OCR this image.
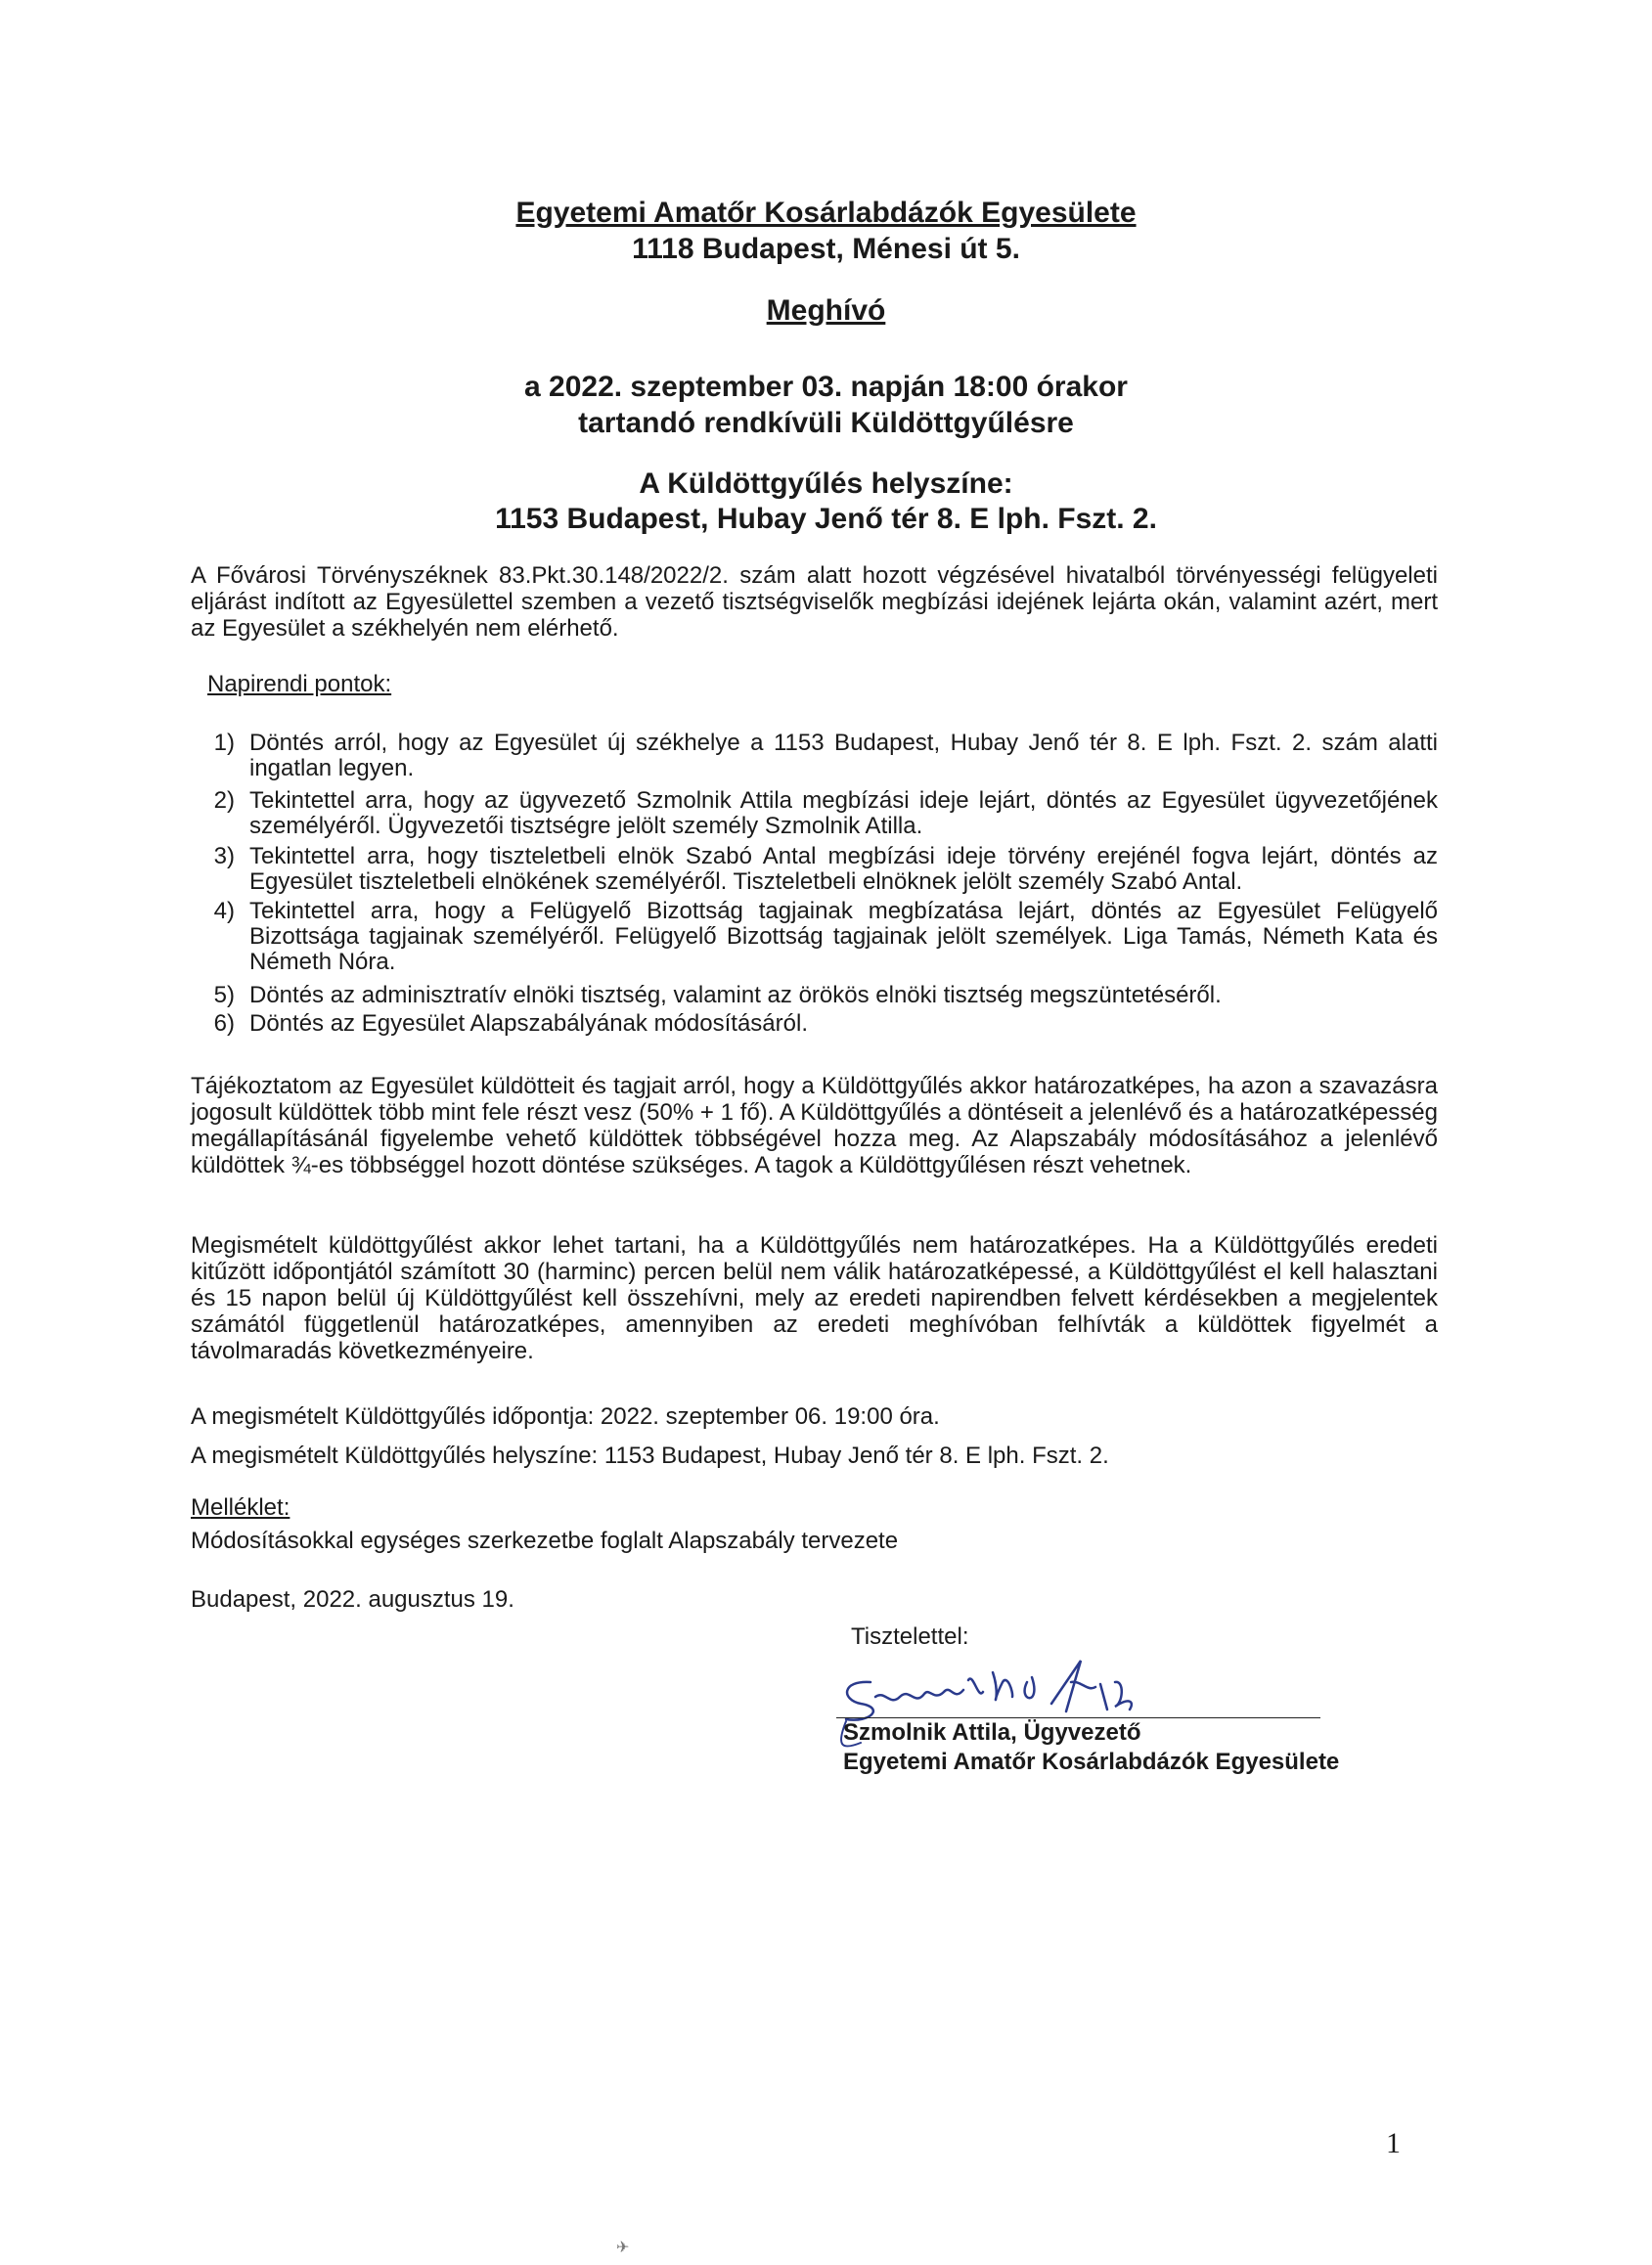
Egyetemi Amatőr Kosárlabdázók Egyesülete
1118 Budapest, Ménesi út 5.
Meghívó
a 2022. szeptember 03. napján 18:00 órakor
tartandó rendkívüli Küldöttgyűlésre
A Küldöttgyűlés helyszíne:
1153 Budapest, Hubay Jenő tér 8. E lph. Fszt. 2.
A Fővárosi Törvényszéknek 83.Pkt.30.148/2022/2. szám alatt hozott végzésével hivatalból törvényességi felügyeleti eljárást indított az Egyesülettel szemben a vezető tisztségviselők megbízási idejének lejárta okán, valamint azért, mert az Egyesület a székhelyén nem elérhető.
Napirendi pontok:
1) Döntés arról, hogy az Egyesület új székhelye a 1153 Budapest, Hubay Jenő tér 8. E lph. Fszt. 2. szám alatti ingatlan legyen.
2) Tekintettel arra, hogy az ügyvezető Szmolnik Attila megbízási ideje lejárt, döntés az Egyesület ügyvezetőjének személyéről. Ügyvezetői tisztségre jelölt személy Szmolnik Atilla.
3) Tekintettel arra, hogy tiszteletbeli elnök Szabó Antal megbízási ideje törvény erejénél fogva lejárt, döntés az Egyesület tiszteletbeli elnökének személyéről. Tiszteletbeli elnöknek jelölt személy Szabó Antal.
4) Tekintettel arra, hogy a Felügyelő Bizottság tagjainak megbízatása lejárt, döntés az Egyesület Felügyelő Bizottsága tagjainak személyéről. Felügyelő Bizottság tagjainak jelölt személyek. Liga Tamás, Németh Kata és Németh Nóra.
5) Döntés az adminisztratív elnöki tisztség, valamint az örökös elnöki tisztség megszüntetéséről.
6) Döntés az Egyesület Alapszabályának módosításáról.
Tájékoztatom az Egyesület küldötteit és tagjait arról, hogy a Küldöttgyűlés akkor határozatképes, ha azon a szavazásra jogosult küldöttek több mint fele részt vesz (50% + 1 fő). A Küldöttgyűlés a döntéseit a jelenlévő és a határozatképesség megállapításánál figyelembe vehető küldöttek többségével hozza meg. Az Alapszabály módosításához a jelenlévő küldöttek ¾-es többséggel hozott döntése szükséges. A tagok a Küldöttgyűlésen részt vehetnek.
Megismételt küldöttgyűlést akkor lehet tartani, ha a Küldöttgyűlés nem határozatképes. Ha a Küldöttgyűlés eredeti kitűzött időpontjától számított 30 (harminc) percen belül nem válik határozatképessé, a Küldöttgyűlést el kell halasztani és 15 napon belül új Küldöttgyűlést kell összehívni, mely az eredeti napirendben felvett kérdésekben a megjelentek számától függetlenül határozatképes, amennyiben az eredeti meghívóban felhívták a küldöttek figyelmét a távolmaradás következményeire.
A megismételt Küldöttgyűlés időpontja: 2022. szeptember 06. 19:00 óra.
A megismételt Küldöttgyűlés helyszíne: 1153 Budapest, Hubay Jenő tér 8. E lph. Fszt. 2.
Melléklet:
Módosításokkal egységes szerkezetbe foglalt Alapszabály tervezete
Budapest, 2022. augusztus 19.
Tisztelettel:
Szmolnik Attila, Ügyvezető
Egyetemi Amatőr Kosárlabdázók Egyesülete
1
✈
